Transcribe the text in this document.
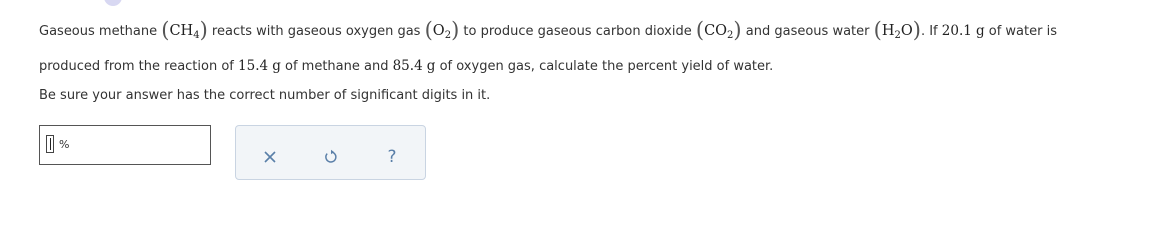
Gaseous methane $(CH_4)$ reacts with gaseous oxygen gas $(O_2)$ to produce gaseous carbon dioxide $(CO_2)$ and gaseous water $(H_2O)$. If 20.1 g of water is
produced from the reaction of 15.4 g of methane and 85.4 g of oxygen gas, calculate the percent yield of water.
Be sure your answer has the correct number of significant digits in it.
%
?
